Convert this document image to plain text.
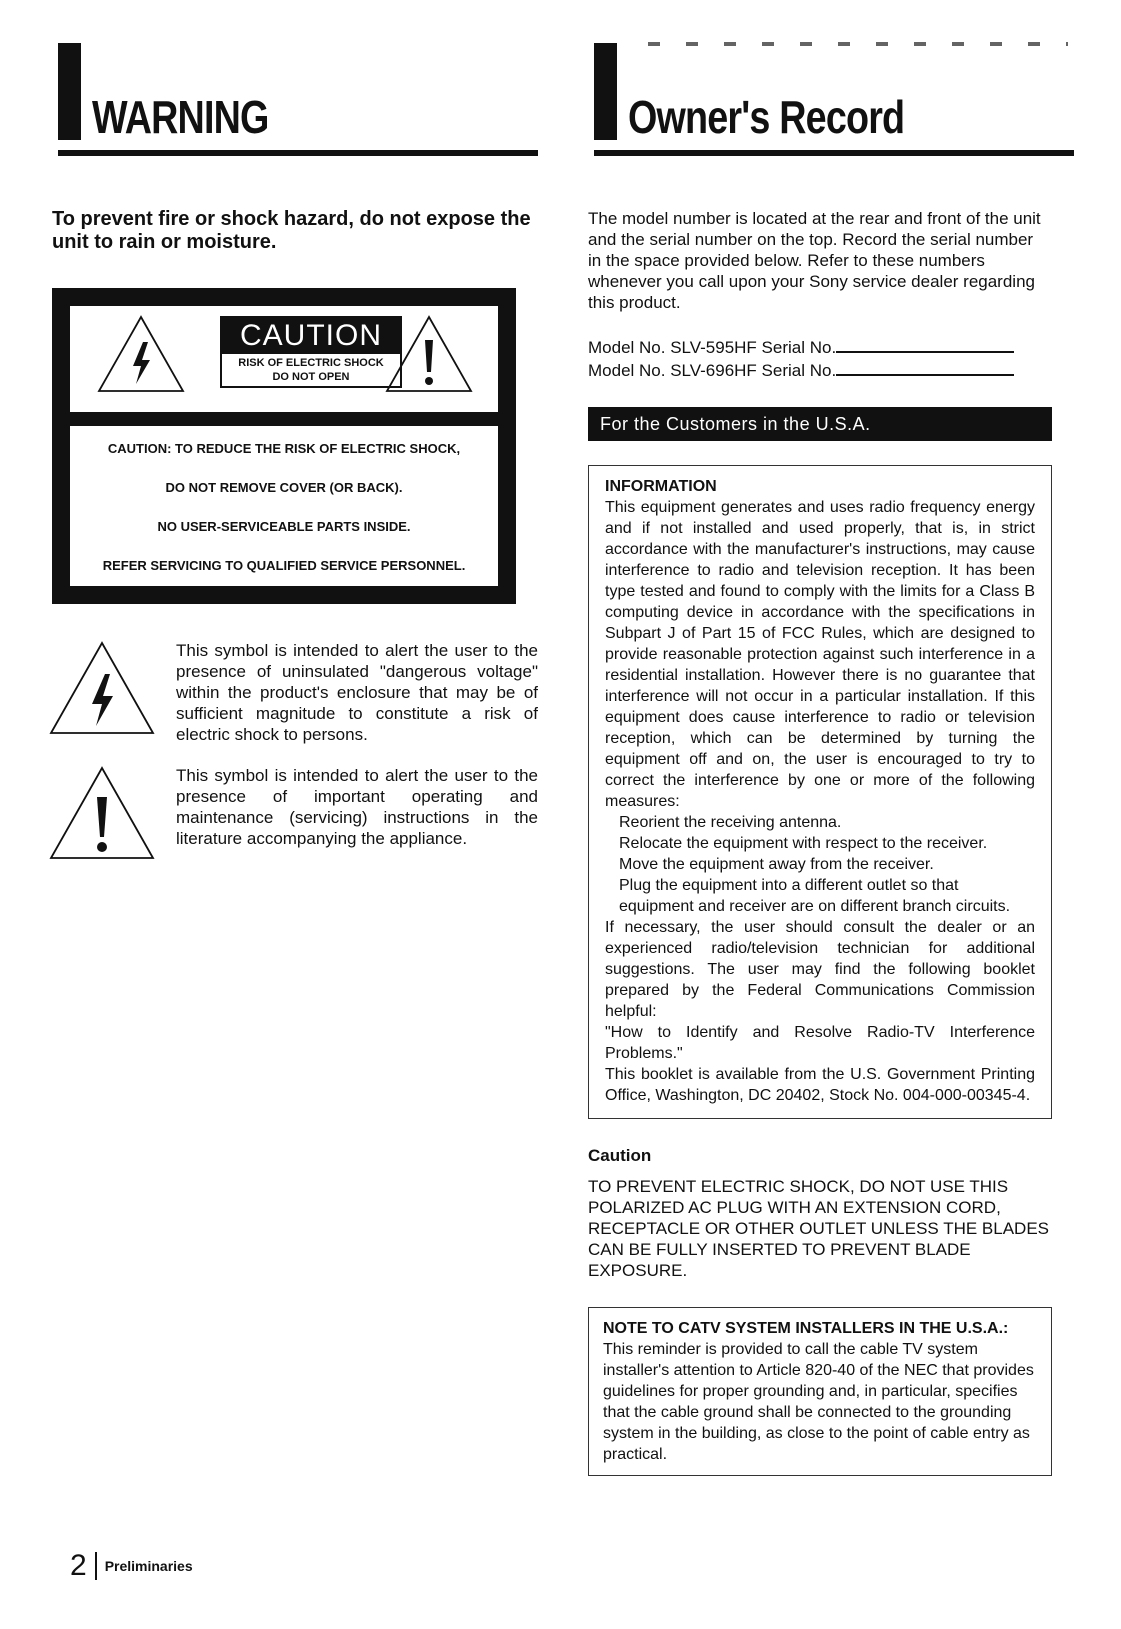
WARNING
To prevent fire or shock hazard, do not expose the unit to rain or moisture.
CAUTION
RISK OF ELECTRIC SHOCK
DO NOT OPEN

CAUTION: TO REDUCE THE RISK OF ELECTRIC SHOCK,

DO NOT REMOVE COVER (OR BACK).

NO USER-SERVICEABLE PARTS INSIDE.

REFER SERVICING TO QUALIFIED SERVICE PERSONNEL.

This symbol is intended to alert the user to the presence of uninsulated "dangerous voltage" within the product's enclosure that may be of sufficient magnitude to constitute a risk of electric shock to persons.

This symbol is intended to alert the user to the presence of important operating and maintenance (servicing) instructions in the literature accompanying the appliance.

Owner's Record
The model number is located at the rear and front of the unit and the serial number on the top. Record the serial number in the space provided below. Refer to these numbers whenever you call upon your Sony service dealer regarding this product.
Model No. SLV-595HF Serial No.
Model No. SLV-696HF Serial No.
For the Customers in the U.S.A.
INFORMATION

This equipment generates and uses radio frequency energy and if not installed and used properly, that is, in strict accordance with the manufacturer's instructions, may cause interference to radio and television reception. It has been type tested and found to comply with the limits for a Class B computing device in accordance with the specifications in Subpart J of Part 15 of FCC Rules, which are designed to provide reasonable protection against such interference in a residential installation. However there is no guarantee that interference will not occur in a particular installation. If this equipment does cause interference to radio or television reception, which can be determined by turning the equipment off and on, the user is encouraged to try to correct the interference by one or more of the following measures:

Reorient the receiving antenna.
Relocate the equipment with respect to the receiver.
Move the equipment away from the receiver.
Plug the equipment into a different outlet so that equipment and receiver are on different branch circuits.

If necessary, the user should consult the dealer or an experienced radio/television technician for additional suggestions. The user may find the following booklet prepared by the Federal Communications Commission helpful:

"How to Identify and Resolve Radio-TV Interference Problems."

This booklet is available from the U.S. Government Printing Office, Washington, DC 20402, Stock No. 004-000-00345-4.

Caution
TO PREVENT ELECTRIC SHOCK, DO NOT USE THIS POLARIZED AC PLUG WITH AN EXTENSION CORD, RECEPTACLE OR OTHER OUTLET UNLESS THE BLADES CAN BE FULLY INSERTED TO PREVENT BLADE EXPOSURE.
NOTE TO CATV SYSTEM INSTALLERS IN THE U.S.A.:
This reminder is provided to call the cable TV system installer's attention to Article 820-40 of the NEC that provides guidelines for proper grounding and, in particular, specifies that the cable ground shall be connected to the grounding system in the building, as close to the point of cable entry as practical.
2 Preliminaries
